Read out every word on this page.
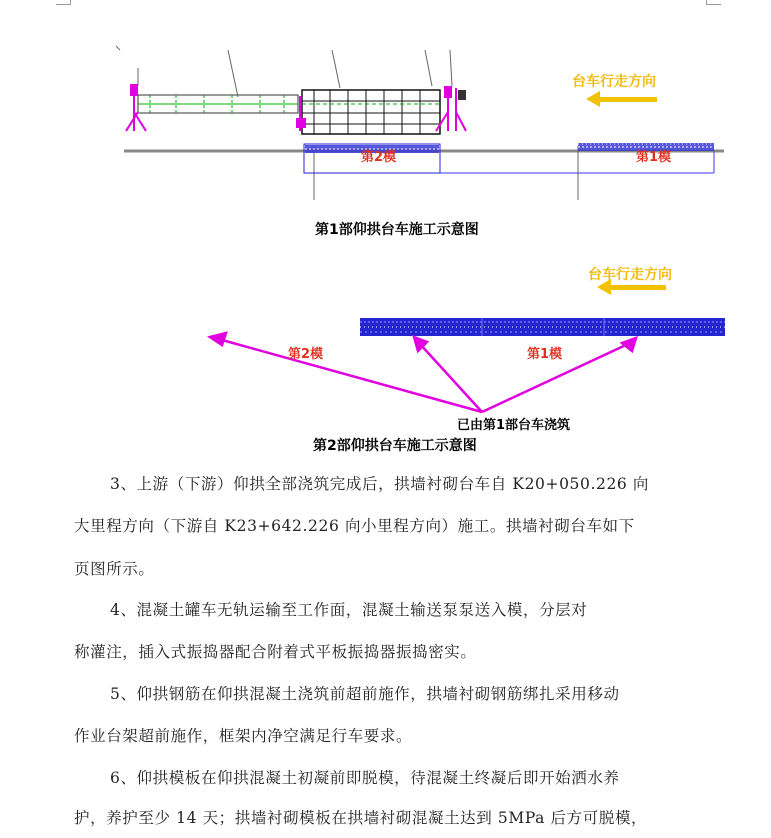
台车行走方向
第2模	第1模
第1部仰拱台车施工示意图
台车行走方向
第2模	第1模
已由第1部台车浇筑
第2部仰拱台车施工示意图
3、上游（下游）仰拱全部浇筑完成后，拱墙衬砌台车自 K20+050.226 向
大里程方向（下游自 K23+642.226 向小里程方向）施工。拱墙衬砌台车如下
页图所示。
4、混凝土罐车无轨运输至工作面，混凝土输送泵泵送入模，分层对
称灌注，插入式振捣器配合附着式平板振捣器振捣密实。
5、仰拱钢筋在仰拱混凝土浇筑前超前施作，拱墙衬砌钢筋绑扎采用移动
作业台架超前施作，框架内净空满足行车要求。
6、仰拱模板在仰拱混凝土初凝前即脱模，待混凝土终凝后即开始洒水养
护，养护至少 14 天；拱墙衬砌模板在拱墙衬砌混凝土达到 5MPa 后方可脱模，
